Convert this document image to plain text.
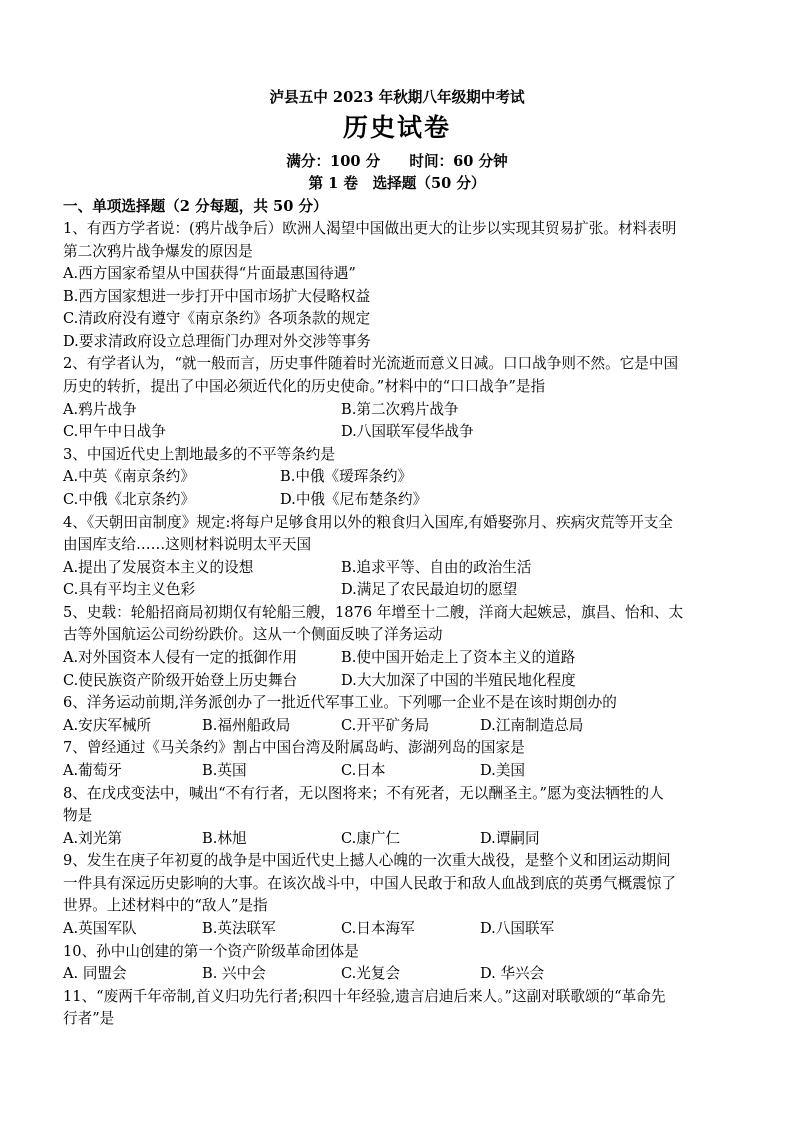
泸县五中 2023 年秋期八年级期中考试
历史试卷
满分：100 分　　时间：60 分钟
第 1 卷　选择题（50 分）
一、单项选择题（2 分每题，共 50 分）
1、有西方学者说：(鸦片战争后）欧洲人渴望中国做出更大的让步以实现其贸易扩张。材料表明
第二次鸦片战争爆发的原因是
A.西方国家希望从中国获得“片面最惠国待遇”
B.西方国家想进一步打开中国市场扩大侵略权益
C.清政府没有遵守《南京条约》各项条款的规定
D.要求清政府设立总理衙门办理对外交涉等事务
2、有学者认为，“就一般而言，历史事件随着时光流逝而意义日减。口口战争则不然。它是中国
历史的转折，提出了中国必须近代化的历史使命。”材料中的“口口战争”是指
A.鸦片战争	B.第二次鸦片战争
C.甲午中日战争	D.八国联军侵华战争
3、中国近代史上割地最多的不平等条约是
A.中英《南京条约》	B.中俄《瑷珲条约》
C.中俄《北京条约》	D.中俄《尼布楚条约》
4、《天朝田亩制度》规定:将每户足够食用以外的粮食归入国库,有婚娶弥月、疾病灾荒等开支全
由国库支给……这则材料说明太平天国
A.提出了发展资本主义的设想	B.追求平等、自由的政治生活
C.具有平均主义色彩	D.满足了农民最迫切的愿望
5、史载：轮船招商局初期仅有轮船三艘，1876 年增至十二艘，洋商大起嫉忌，旗昌、怡和、太
古等外国航运公司纷纷跌价。这从一个侧面反映了洋务运动
A.对外国资本人侵有一定的抵御作用	B.使中国开始走上了资本主义的道路
C.使民族资产阶级开始登上历史舞台	D.大大加深了中国的半殖民地化程度
6、洋务运动前期,洋务派创办了一批近代军事工业。下列哪一企业不是在该时期创办的
A.安庆军械所	B.福州船政局	C.开平矿务局	D.江南制造总局
7、曾经通过《马关条约》割占中国台湾及附属岛屿、澎湖列岛的国家是
A.葡萄牙	B.英国	C.日本	D.美国
8、在戊戌变法中，喊出“不有行者，无以图将来；不有死者，无以酬圣主。”愿为变法牺牲的人
物是
A.刘光第	B.林旭	C.康广仁	D.谭嗣同
9、发生在庚子年初夏的战争是中国近代史上撼人心魄的一次重大战役，是整个义和团运动期间
一件具有深远历史影响的大事。在该次战斗中，中国人民敢于和敌人血战到底的英勇气概震惊了
世界。上述材料中的“敌人”是指
A.英国军队	B.英法联军	C.日本海军	D.八国联军
10、孙中山创建的第一个资产阶级革命团体是
A. 同盟会	B. 兴中会	C.光复会	D. 华兴会
11、“废两千年帝制,首义归功先行者;积四十年经验,遗言启迪后来人。”这副对联歌颂的“革命先
行者”是
